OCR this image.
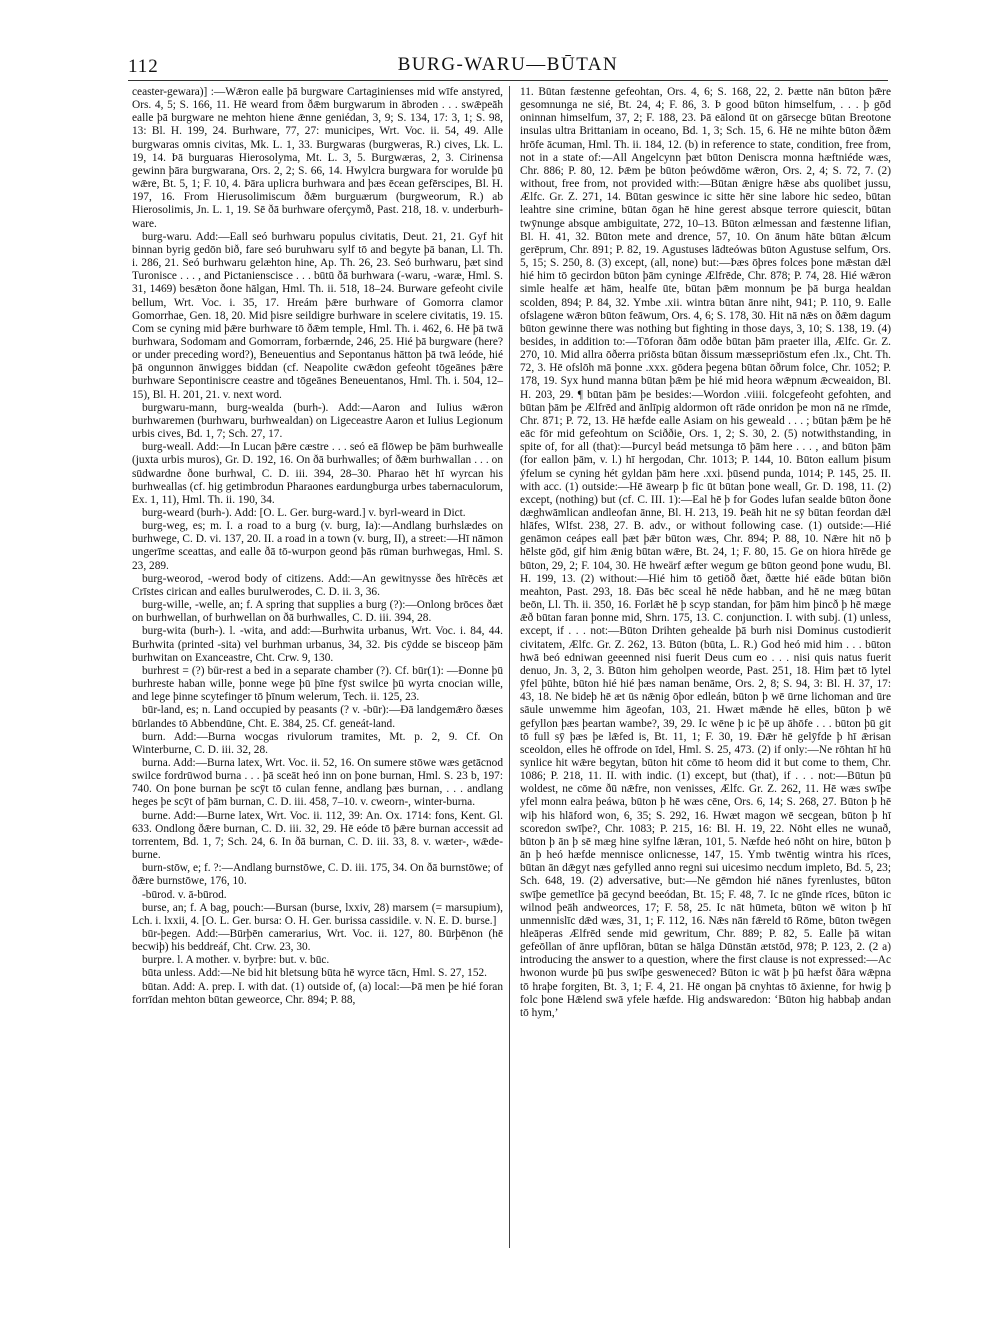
112	BURG-WARU—BŪTAN

ceaster-gewara)] :—Wǣron ealle þā burgware Cartaginienses mid wīfe anstyred, Ors. 4, 5; S. 166, 11. Hē weard from ðǣm burgwarum in ābroden . . . swǣpeāh ealle þā burgware ne mehton hiene ǣnne geniédan, 3, 9; S. 134, 17: 3, 1; S. 98, 13: Bl. H. 199, 24. Burhware, 77, 27: municipes, Wrt. Voc. ii. 54, 49. Alle burgwaras omnis civitas, Mk. L. 1, 33. Burgwaras (burgweras, R.) cives, Lk. L. 19, 14. Þā burguaras Hierosolyma, Mt. L. 3, 5. Burgwæras, 2, 3. Cirinensa gewinn þāra burgwarana, Ors. 2, 2; S. 66, 14. Hwylcra burgwara for worulde þū wǣre, Bt. 5, 1; F. 10, 4. Þāra uplicra burhwara and þæs ēcean gefērscipes, Bl. H. 197, 16. From Hierusolimiscum ðǣm burguærum (burgweorum, R.) ab Hierosolimis, Jn. L. 1, 19. Sē ðā burhware oferçymð, Past. 218, 18. v. underburh-ware.

burg-waru. Add:—Eall seó burhwaru populus civitatis, Deut. 21, 21. Gyf hit binnan byrig gedōn bið, fare seó buruhwaru sylf tō and begyte þā banan, Ll. Th. i. 286, 21. Seó burhwaru gelæhton hine, Ap. Th. 26, 23. Seó burhwaru, þæt sind Turonisce . . . , and Pictanienscisce . . . būtū ðā burhwara (-waru, -waræ, Hml. S. 31, 1469) besǣton ðone hālgan, Hml. Th. ii. 518, 18–24. Burware gefeoht civile bellum, Wrt. Voc. i. 35, 17. Hreám þǣre burhware of Gomorra clamor Gomorrhae, Gen. 18, 20. Mid þisre seildigre burhware in scelere civitatis, 19. 15. Com se cyning mid þǣre burhware tō ðǣm temple, Hml. Th. i. 462, 6. Hē þā twā burhwara, Sodomam and Gomorram, forbærnde, 246, 25. Hié þā burgware (here? or under preceding word?), Beneuentius and Sepontanus hātton þā twā leóde, hié þā ongunnon ānwigges biddan (cf. Neapolite cwǣdon gefeoht tōgeānes þǣre burhware Sepontiniscre ceastre and tōgeānes Beneuentanos, Hml. Th. i. 504, 12–15), Bl. H. 201, 21. v. next word.

burgwaru-mann, burg-wealda (burh-). Add:—Aaron and Iulius wǣron burhwaremen (burhwaru, burhwealdan) on Ligeceastre Aaron et Iulius Legionum urbis cives, Bd. 1, 7; Sch. 27, 17.

burg-weall. Add:—In Lucan þǣre cæstre . . . seó eā flōwep be þām burhwealle (juxta urbis muros), Gr. D. 192, 16. On ðā burhwalles; of ðǣm burhwallan . . . on sūdwardne ðone burhwal, C. D. iii. 394, 28–30. Pharao hēt hī wyrcan his burhweallas (cf. hig getimbrodun Pharaones eardungburga urbes tabernaculorum, Ex. 1, 11), Hml. Th. ii. 190, 34.

burg-weard (burh-). Add: [O. L. Ger. burg-ward.] v. byrl-weard in Dict.

burg-weg, es; m. I. a road to a burg (v. burg, Ia):—Andlang burhslædes on burhwege, C. D. vi. 137, 20. II. a road in a town (v. burg, II), a street:—Hī nāmon ungerīme sceattas, and ealle ðā tō-wurpon geond þās rūman burhwegas, Hml. S. 23, 289.

burg-weorod, -werod body of citizens. Add:—An gewitnysse ðes hīrēcēs æt Crīstes cirican and ealles burulwerodes, C. D. ii. 3, 36.

burg-wille, -welle, an; f. A spring that supplies a burg (?):—Onlong brōces ðæt on burhwellan, of burhwellan on ðā burhwalles, C. D. iii. 394, 28.

burg-wita (burh-). l. -wita, and add:—Burhwita urbanus, Wrt. Voc. i. 84, 44. Burhwita (printed -sita) vel burhman urbanus, 34, 32. Þis cȳdde se bisceop þām burhwitan on Exanceastre, Cht. Crw. 9, 130.

burhrest = (?) bür-rest a bed in a separate chamber (?). Cf. būr(1): —Ðonne þū burhreste haban wille, þonne wege þū þīne fȳst swilce þū wyrta cnocian wille, and lege þinne scytefinger tō þīnum welerum, Tech. ii. 125, 23.

būr-land, es; n. Land occupied by peasants (? v. -būr):—Ðā landgemǣro ðæses būrlandes tō Abbendūne, Cht. E. 384, 25. Cf. geneát-land.

burn. Add:—Burna wocgas rivulorum tramites, Mt. p. 2, 9. Cf. On Winterburne, C. D. iii. 32, 28.

burna. Add:—Burna latex, Wrt. Voc. ii. 52, 16. On sumere stōwe wæs getācnod swilce fordrūwod burna . . . þā sceāt heó inn on þone burnan, Hml. S. 23 b, 197: 740. On þone burnan þe scȳt tō culan fenne, andlang þæs burnan, . . . andlang heges þe scȳt of þām burnan, C. D. iii. 458, 7–10. v. cweorn-, winter-burna.

burne. Add:—Burne latex, Wrt. Voc. ii. 112, 39: An. Ox. 1714: fons, Kent. Gl. 633. Ondlong ðǣre burnan, C. D. iii. 32, 29. Hē eóde tō þǣre burnan accessit ad torrentem, Bd. 1, 7; Sch. 24, 6. In ðā burnan, C. D. iii. 33, 8. v. wæter-, wǣde-burne.

burn-stōw, e; f. ?:—Andlang burnstōwe, C. D. iii. 175, 34. On ðā burnstōwe; of ðǣre burnstōwe, 176, 10.

-būrod. v. ā-būrod.

burse, an; f. A bag, pouch:—Bursan (burse, lxxiv, 28) marsem (= marsupium), Lch. i. lxxii, 4. [O. L. Ger. bursa: O. H. Ger. burissa cassidile. v. N. E. D. burse.]

būr-þegen. Add:—Būrþēn camerarius, Wrt. Voc. ii. 127, 80. Būrþēnon (hē becwiþ) his beddreáf, Cht. Crw. 23, 30.

burpre. l. A mother. v. byrþre: but. v. būc.

būta unless. Add:—Ne bid hit bletsung būta hē wyrce tācn, Hml. S. 27, 152.

būtan. Add: A. prep. I. with dat. (1) outside of, (a) local:—Þā men þe hié foran forrīdan mehton būtan geweorce, Chr. 894; P. 88,

11. Būtan fæstenne gefeohtan, Ors. 4, 6; S. 168, 22, 2. Þætte nān būton þǣre gesomnunga ne sié, Bt. 24, 4; F. 86, 3. Þ good būton himselfum, . . . þ gōd oninnan himselfum, 37, 2; F. 188, 23. Þā eālond ūt on gārsecge būtan Breotone insulas ultra Brittaniam in oceano, Bd. 1, 3; Sch. 15, 6. Hē ne mihte būton ðǣm hrōfe ācuman, Hml. Th. ii. 184, 12. (b) in reference to state, condition, free from, not in a state of:—All Angelcynn þæt būton Deniscra monna hæftniéde wæs, Chr. 886; P. 80, 12. Þǣm þe būton þeówdōme wǣron, Ors. 2, 4; S. 72, 7. (2) without, free from, not provided with:—Būtan ǣnigre hǣse abs quolibet jussu, Ælfc. Gr. Z. 271, 14. Būtan geswince ic sitte hēr sine labore hic sedeo, būtan leahtre sine crimine, būtan ōgan hē hine gerest absque terrore quiescit, būtan twȳnunge absque ambiguitate, 272, 10–13. Būton ælmessan and fæstenne lifian, Bl. H. 41, 32. Būton mete and drence, 57, 10. On ānum hāte būtan ǣlcum gerēprum, Chr. 891; P. 82, 19. Agustuses lādteówas būton Agustuse selfum, Ors. 5, 15; S. 250, 8. (3) except, (all, none) but:—Þæs ōþres folces þone mǣstan dǣl hié him tō gecirdon būton þām cyninge Ælfrēde, Chr. 878; P. 74, 28. Hié wǣron simle healfe æt hām, healfe ūte, būtan þǣm monnum þe þā burga healdan scolden, 894; P. 84, 32. Ymbe .xii. wintra būtan ānre niht, 941; P. 110, 9. Ealle ofslagene wǣron būton feāwum, Ors. 4, 6; S. 178, 30. Hit nā nǣs on ðǣm dagum būton gewinne there was nothing but fighting in those days, 3, 10; S. 138, 19. (4) besides, in addition to:—Tōforan ðām odðe būtan þām praeter illa, Ælfc. Gr. Z. 270, 10. Mid allra ōðerra priōsta būtan ðissum mæssepriōstum efen .lx., Cht. Th. 72, 3. Hē ofslōh mā þonne .xxx. gōdera þegena būtan ōðrum folce, Chr. 1052; P. 178, 19. Syx hund manna būtan þǣm þe hié mid heora wǣpnum ǣcweaidon, Bl. H. 203, 29. ¶ būtan þām þe besides:—Wordon .viiii. folcgefeoht gefohten, and būtan þām þe Ælfrēd and ānlīpig aldormon oft rāde onridon þe mon nā ne rīmde, Chr. 871; P. 72, 13. Hē hæfde ealle Asiam on his geweald . . . ; būtan þǣm þe hē eāc fōr mid gefeohtum on Sciððie, Ors. 1, 2; S. 30, 2. (5) notwithstanding, in spite of, for all (that):—Þurcyl beád metsunga tō þām here . . . , and būton þām (for eallon þām, v. l.) hī hergodan, Chr. 1013; P. 144, 10. Būton eallum þisum ýfelum se cyning hét gyldan þām here .xxi. þūsend punda, 1014; P. 145, 25. II. with acc. (1) outside:—Hē āwearp þ fic ūt būtan þone weall, Gr. D. 198, 11. (2) except, (nothing) but (cf. C. III. 1):—Eal hē þ for Godes lufan sealde būton ðone dæghwāmlican andleofan ānne, Bl. H. 213, 19. Þeāh hit ne sȳ būtan feordan dǣl hlāfes, Wlfst. 238, 27. B. adv., or without following case. (1) outside:—Hié genāmon ceápes eall þæt þǣr būton wæs, Chr. 894; P. 88, 10. Nǣre hit nō þ hēlste gōd, gif him ǣnig būtan wǣre, Bt. 24, 1; F. 80, 15. Ge on hiora hīrēde ge būton, 29, 2; F. 104, 30. Hē hweärf æfter wegum ge būton geond þone wudu, Bl. H. 199, 13. (2) without:—Hié him tō getiōð ðæt, ðætte hié eāde būtan biōn meahton, Past. 293, 18. Ðās bēc sceal hē nēde habban, and hē ne mæg būtan beōn, Ll. Th. ii. 350, 16. Forlǣt hē þ scyp standan, for þām him þincð þ hē mæge ǣð būtan faran þonne mid, Shrn. 175, 13. C. conjunction. I. with subj. (1) unless, except, if . . . not:—Būton Drihten gehealde þā burh nisi Dominus custodierit civitatem, Ælfc. Gr. Z. 262, 13. Būton (būta, L. R.) God heó mid him . . . būton hwā beó edniwan geeenned nisi fuerit Deus cum eo . . . nisi quis natus fuerit denuo, Jn. 3, 2, 3. Būton him geholpen weorde, Past. 251, 18. Him þæt tō lytel ȳfel þūhte, būton hié hié þæs naman benāme, Ors. 2, 8; S. 94, 3: Bl. H. 37, 17: 43, 18. Ne bideþ hē æt ūs nǣnig ōþor edleán, būton þ wē ūrne lichoman and ūre sāule unwemme him āgeofan, 103, 21. Hwæt mǣnde hē elles, būton þ wē gefyllon þæs þeartan wambe?, 39, 29. Ic wēne þ ic þē up āhōfe . . . būton þū git tō full sȳ þæs þe lǣfed is, Bt. 11, 1; F. 30, 19. Ðǣr hē gelȳfde þ hī ǣrisan sceoldon, elles hē offrode on īdel, Hml. S. 25, 473. (2) if only:—Ne rōhtan hī hū synlice hit wǣre begytan, būton hit cōme tō heom did it but come to them, Chr. 1086; P. 218, 11. II. with indic. (1) except, but (that), if . . . not:—Būtun þū woldest, ne cōme ðū nǣfre, non venisses, Ælfc. Gr. Z. 262, 11. Hē wæs swīþe yfel monn ealra þeáwa, būton þ hē wæs cēne, Ors. 6, 14; S. 268, 27. Būton þ hē wiþ his hlāford won, 6, 35; S. 292, 16. Hwæt magon wē secgean, būton þ hī scoredon swīþe?, Chr. 1083; P. 215, 16: Bl. H. 19, 22. Nōht elles ne wunað, būton þ ān þ sē mæg hine sylfne lǣran, 101, 5. Næfde heó nōht on hire, būton þ ān þ heó hæfde mennisce onlicnesse, 147, 15. Ymb twēntig wintra his rīces, būtan ān dǣgyt næs gefylled anno regni sui uicesimo necdum impleto, Bd. 5, 23; Sch. 648, 19. (2) adversative, but:—Ne gēmdon hié nānes fyrenlustes, būton swīþe gemetlīce þā gecynd beeódan, Bt. 15; F. 48, 7. Ic ne gīnde rīces, būton ic wilnod þeāh andweorces, 17; F. 58, 25. Ic nāt hūmeta, būton wē witon þ hī unmennislīc dǣd wæs, 31, 1; F. 112, 16. Nǣs nān fǣreld tō Rōme, būton twēgen hleāperas Ælfrēd sende mid gewritum, Chr. 889; P. 82, 5. Ealle þā witan gefeōllan of ānre upflōran, būtan se hālga Dūnstān ætstōd, 978; P. 123, 2. (2 a) introducing the answer to a question, where the first clause is not expressed:—Ac hwonon wurde þū þus swīþe gesweneced? Būton ic wāt þ þū hæfst ðāra wǣpna tō hraþe forgiten, Bt. 3, 1; F. 4, 21. Hē ongan þā cnyhtas tō āxienne, for hwig þ folc þone Hǣlend swā yfele hæfde. Hig andswaredon: ‘Būton hig habbaþ andan tō hym,’
